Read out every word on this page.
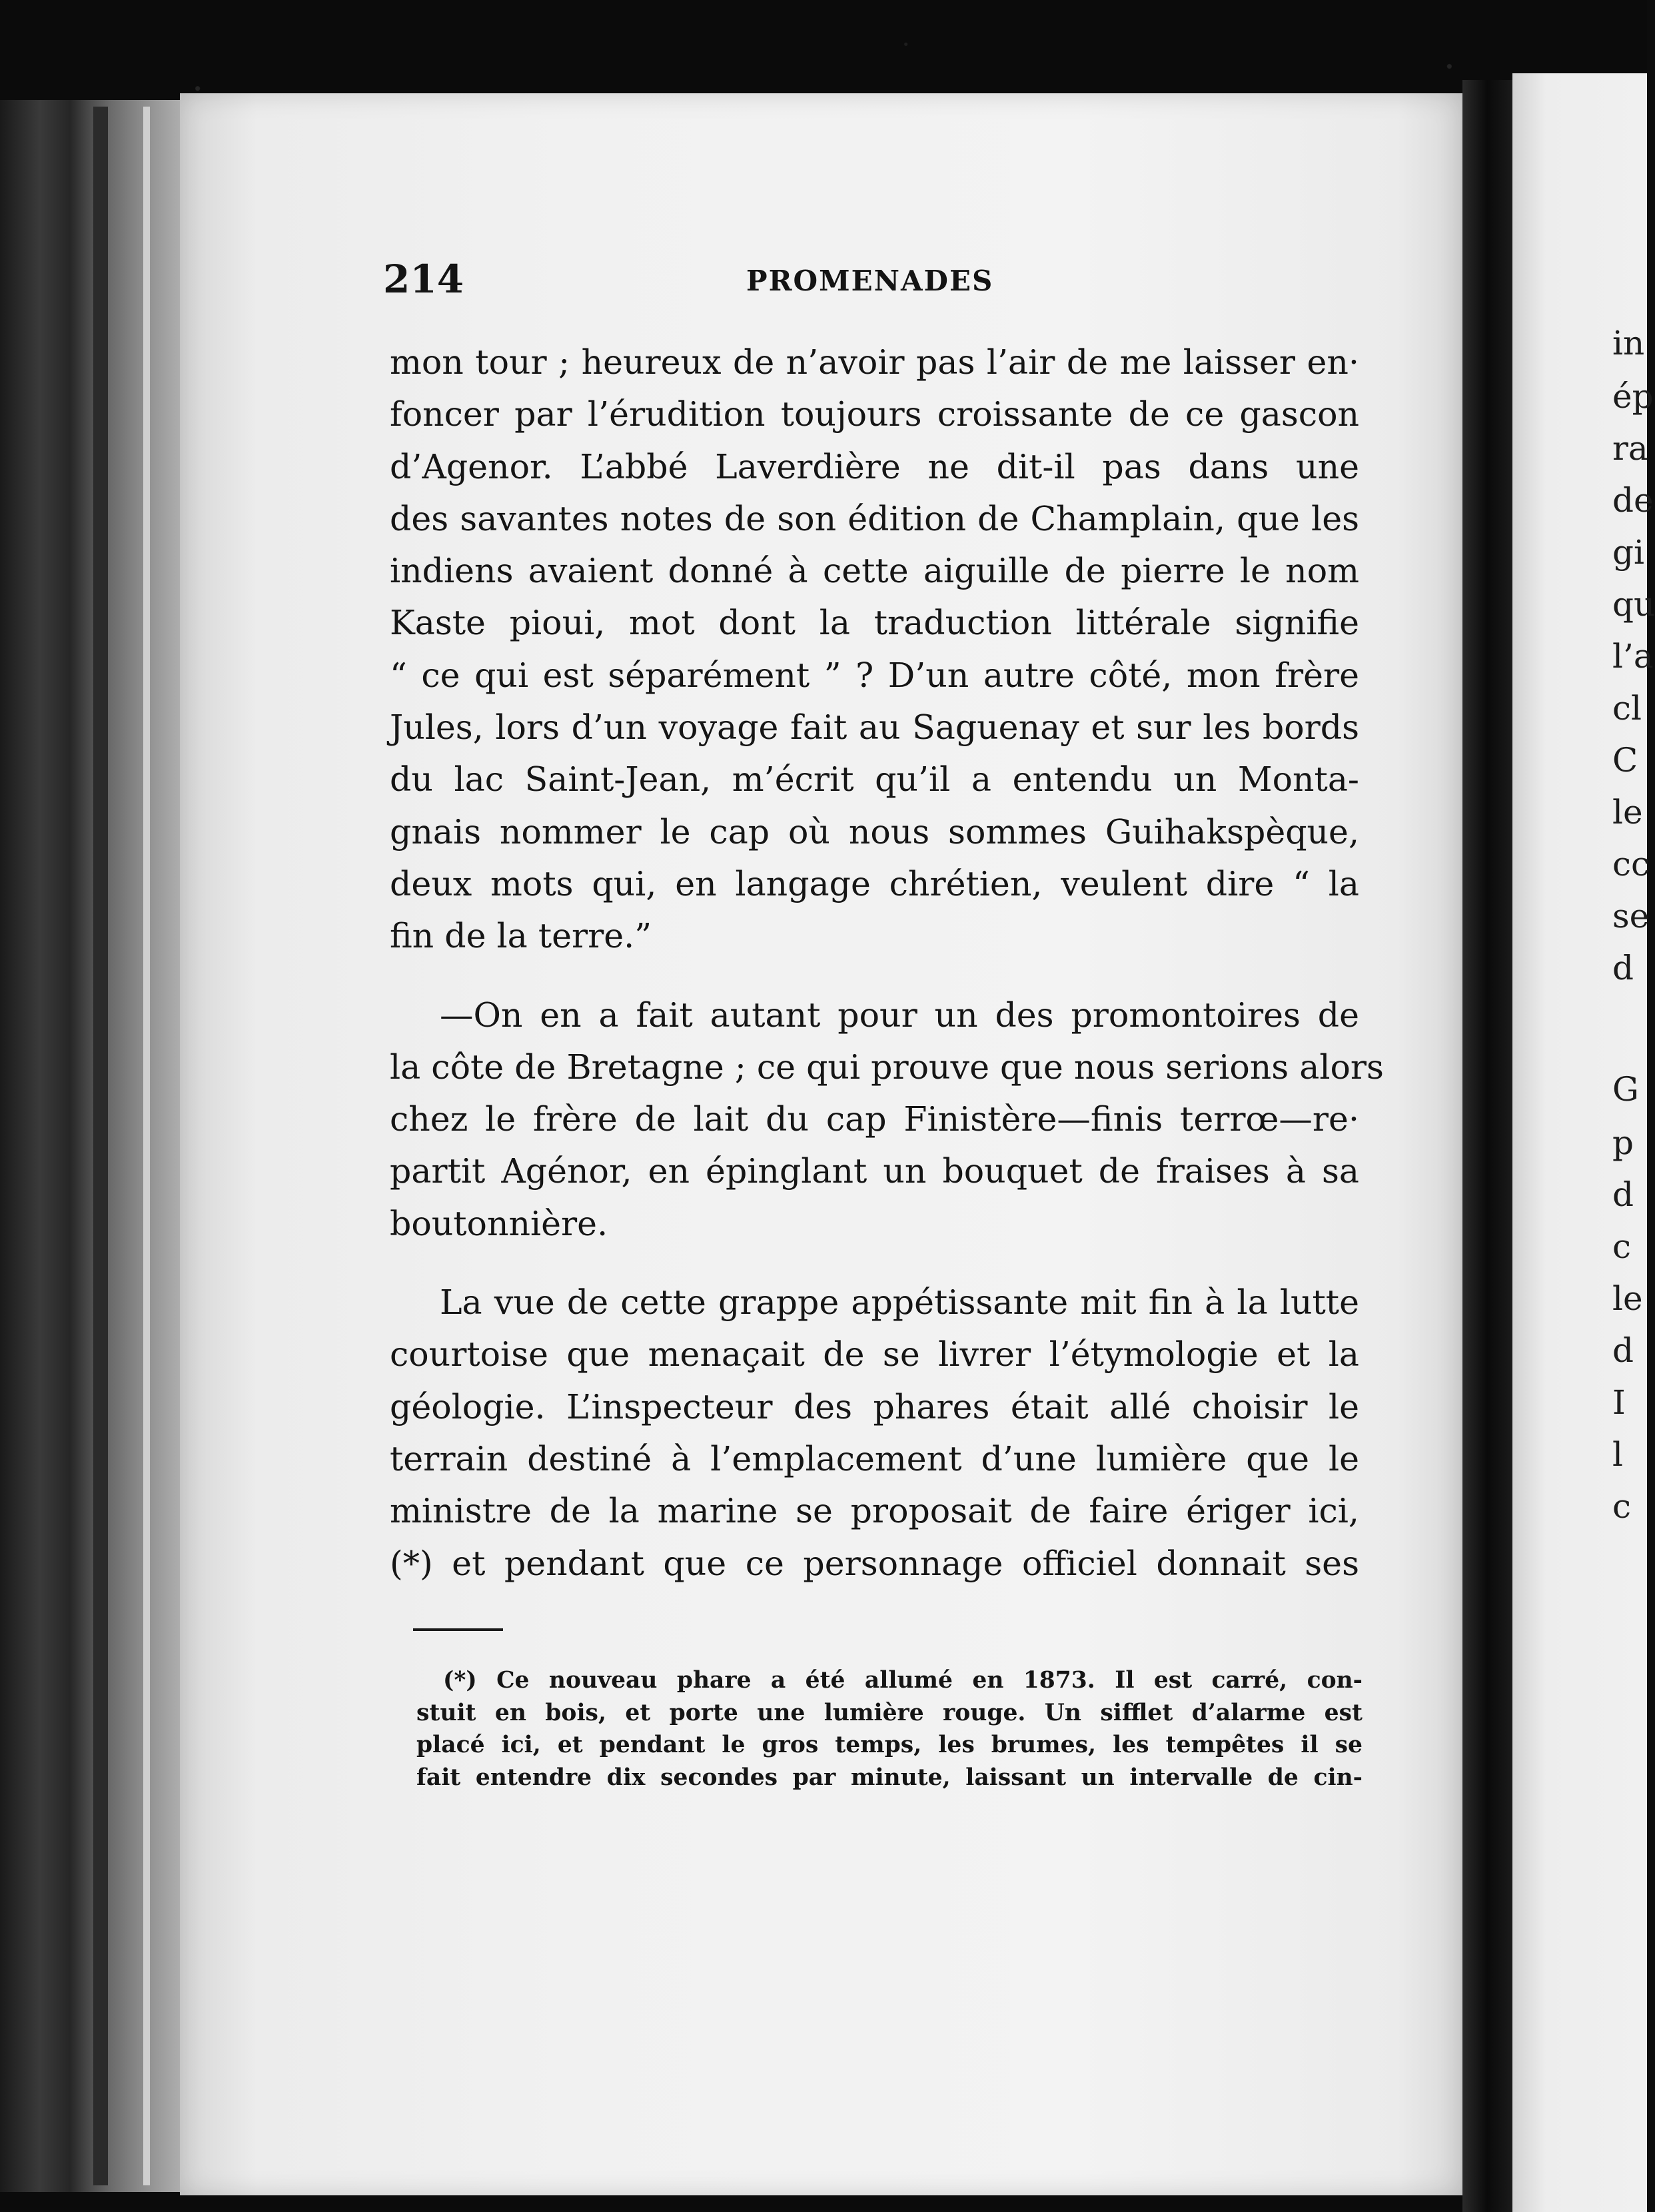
in
ép
ra
de
gi
qu
l’a
cl
C
le
cc
se
d
G
p
d
c
le
d
I
l
c
214	PROMENADES
mon tour ; heureux de n’avoir pas l’air de me laisser en·
foncer par l’érudition toujours croissante de ce gascon
d’Agenor. L’abbé Laverdière ne dit-il pas dans une
des savantes notes de son édition de Champlain, que les
indiens avaient donné à cette aiguille de pierre le nom
Kaste pioui, mot dont la traduction littérale signifie
“ ce qui est séparément ” ? D’un autre côté, mon frère
Jules, lors d’un voyage fait au Saguenay et sur les bords
du lac Saint-Jean, m’écrit qu’il a entendu un Monta-
gnais nommer le cap où nous sommes Guihakspèque,
deux mots qui, en langage chrétien, veulent dire “ la
fin de la terre.”
—On en a fait autant pour un des promontoires de
la côte de Bretagne ; ce qui prouve que nous serions alors
chez le frère de lait du cap Finistère—finis terrœ—re·
partit Agénor, en épinglant un bouquet de fraises à sa
boutonnière.
La vue de cette grappe appétissante mit fin à la lutte
courtoise que menaçait de se livrer l’étymologie et la
géologie. L’inspecteur des phares était allé choisir le
terrain destiné à l’emplacement d’une lumière que le
ministre de la marine se proposait de faire ériger ici,
(*) et pendant que ce personnage officiel donnait ses
(*) Ce nouveau phare a été allumé en 1873. Il est carré, con-
stuit en bois, et porte une lumière rouge. Un sifflet d’alarme est
placé ici, et pendant le gros temps, les brumes, les tempêtes il se
fait entendre dix secondes par minute, laissant un intervalle de cin-
